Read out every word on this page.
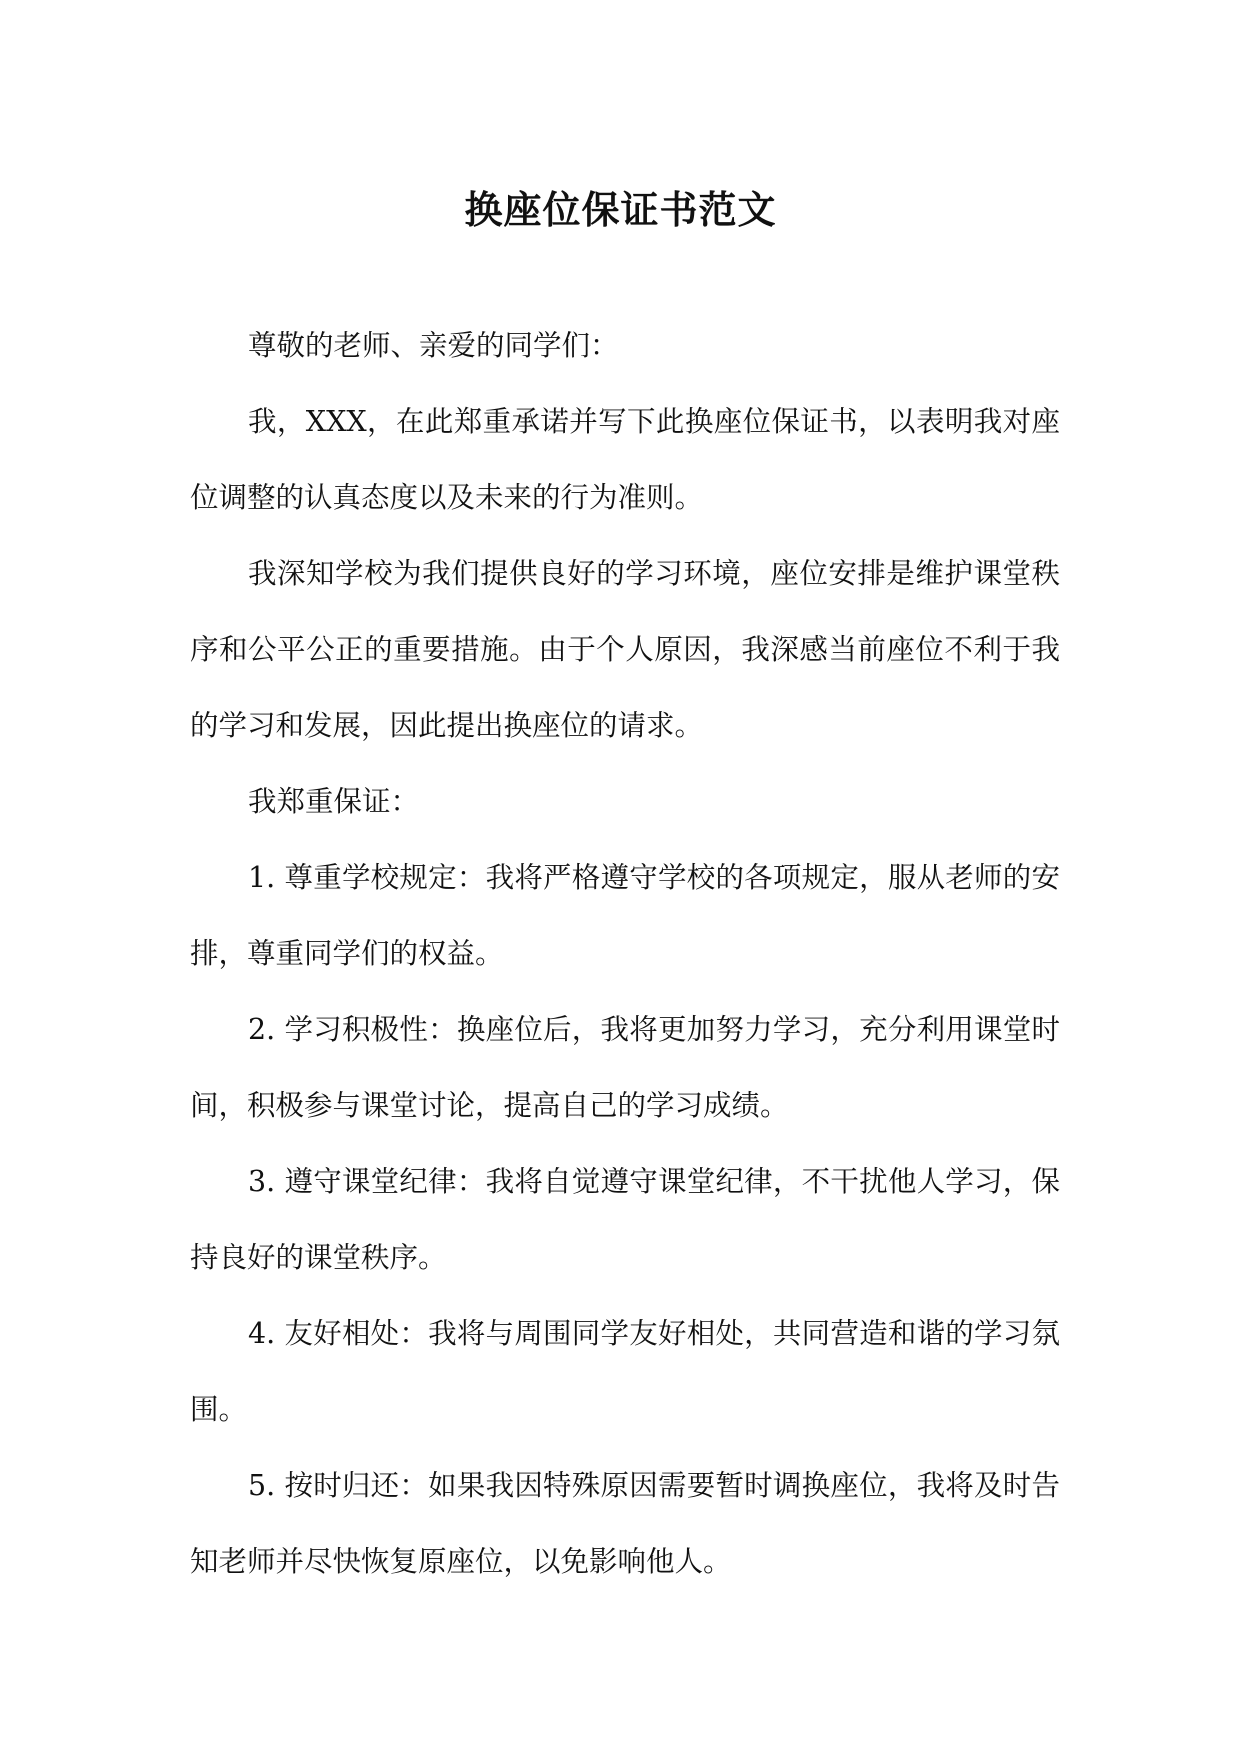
换座位保证书范文

尊敬的老师、亲爱的同学们：

我，XXX，在此郑重承诺并写下此换座位保证书，以表明我对座位调整的认真态度以及未来的行为准则。

我深知学校为我们提供良好的学习环境，座位安排是维护课堂秩序和公平公正的重要措施。由于个人原因，我深感当前座位不利于我的学习和发展，因此提出换座位的请求。

我郑重保证：

1. 尊重学校规定：我将严格遵守学校的各项规定，服从老师的安排，尊重同学们的权益。

2. 学习积极性：换座位后，我将更加努力学习，充分利用课堂时间，积极参与课堂讨论，提高自己的学习成绩。

3. 遵守课堂纪律：我将自觉遵守课堂纪律，不干扰他人学习，保持良好的课堂秩序。

4. 友好相处：我将与周围同学友好相处，共同营造和谐的学习氛围。

5. 按时归还：如果我因特殊原因需要暂时调换座位，我将及时告知老师并尽快恢复原座位，以免影响他人。
